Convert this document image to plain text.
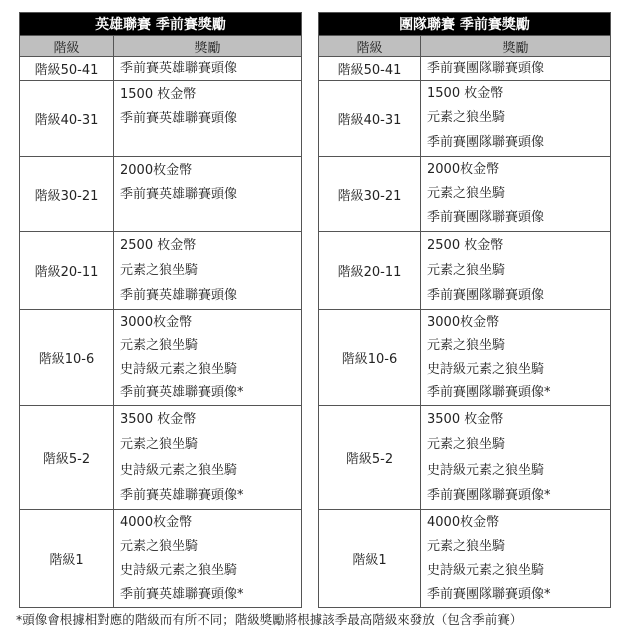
英雄聯賽 季前賽獎勵	
階級	獎勵
階級50-41	季前賽英雄聯賽頭像

階級40-31	1500 枚金幣
季前賽英雄聯賽頭像

階級30-21	2000枚金幣
季前賽英雄聯賽頭像

階級20-11	2500 枚金幣
元素之狼坐騎
季前賽英雄聯賽頭像

階級10-6	3000枚金幣
元素之狼坐騎
史詩級元素之狼坐騎
季前賽英雄聯賽頭像*

階級5-2	3500 枚金幣
元素之狼坐騎
史詩級元素之狼坐騎
季前賽英雄聯賽頭像*

階級1	4000枚金幣
元素之狼坐騎
史詩級元素之狼坐騎
季前賽英雄聯賽頭像*
團隊聯賽 季前賽獎勵	
階級	獎勵
階級50-41	季前賽團隊聯賽頭像

階級40-31	1500 枚金幣
元素之狼坐騎
季前賽團隊聯賽頭像

階級30-21	2000枚金幣
元素之狼坐騎
季前賽團隊聯賽頭像

階級20-11	2500 枚金幣
元素之狼坐騎
季前賽團隊聯賽頭像

階級10-6	3000枚金幣
元素之狼坐騎
史詩級元素之狼坐騎
季前賽團隊聯賽頭像*

階級5-2	3500 枚金幣
元素之狼坐騎
史詩級元素之狼坐騎
季前賽團隊聯賽頭像*

階級1	4000枚金幣
元素之狼坐騎
史詩級元素之狼坐騎
季前賽團隊聯賽頭像*
*頭像會根據相對應的階級而有所不同；階級獎勵將根據該季最高階級來發放（包含季前賽）
